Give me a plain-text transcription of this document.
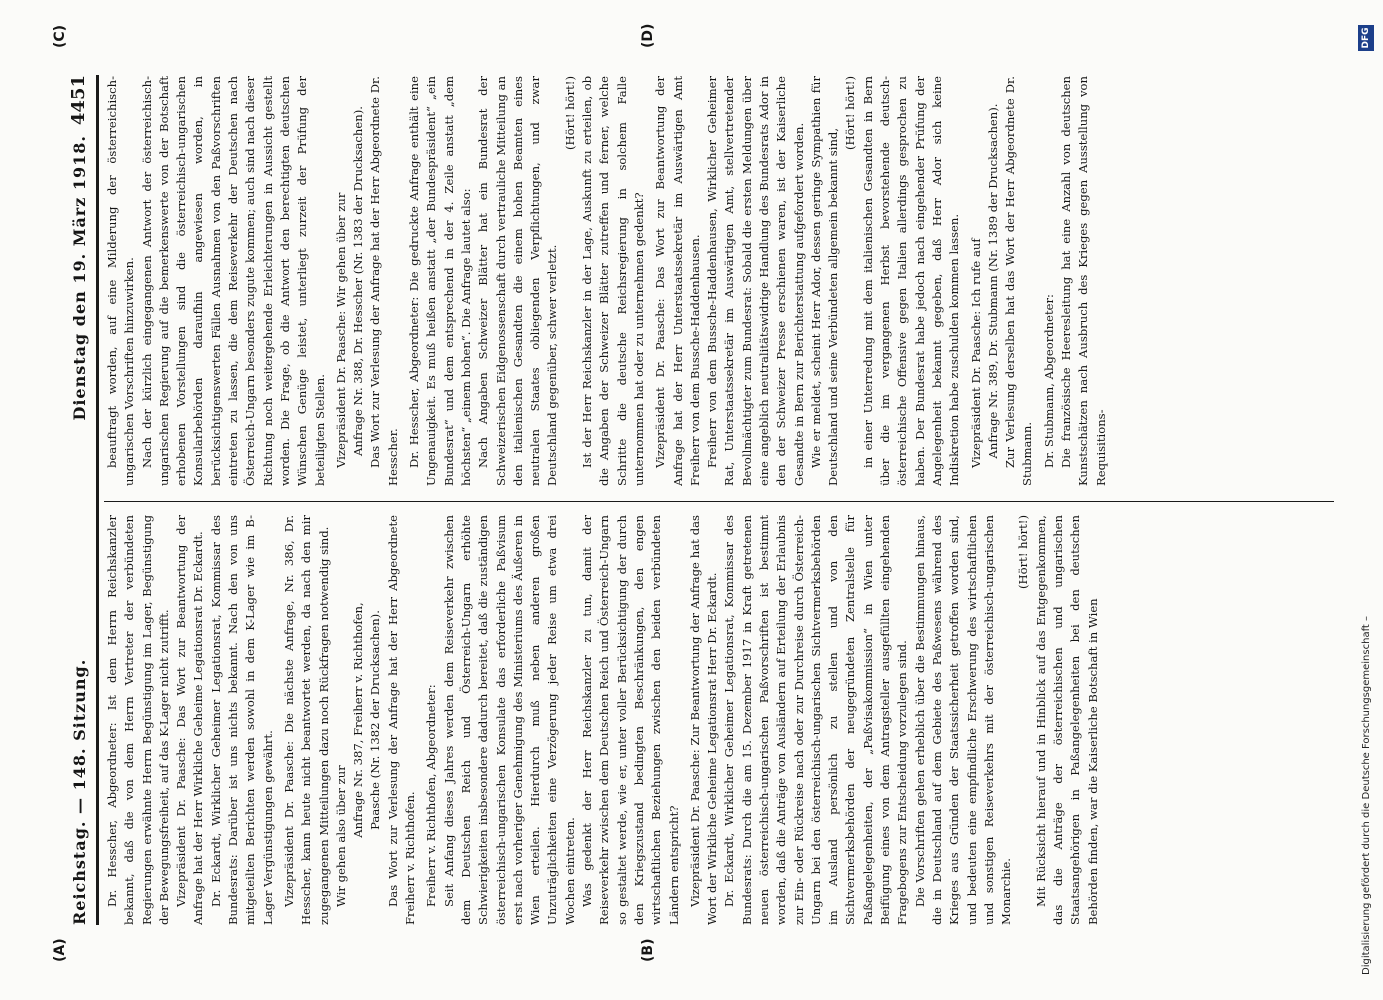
Reichstag. — 148. Sitzung.
Dienstag den 19. März 1918.
4451
(A)	(B)
(C)	(D)

Dr. Hesscher, Abgeordneter: Ist dem Herrn Reichskanzler bekannt, daß die von dem Herrn Vertreter der verbündeten Regierungen erwähnte Herrn Begünstigung im Lager, Begünstigung der Bewegungsfreiheit, auf das K-Lager nicht zutrifft. Vizepräsident Dr. Paasche: Das Wort zur Beantwortung der Anfrage hat der Herr Wirkliche Geheime Legationsrat Dr. Eckardt. Dr. Eckardt, Wirklicher Geheimer Legationsrat, Kommissar des Bundesrats: Darüber ist uns nichts bekannt. Nach den von uns mitgeteilten Berichten werden sowohl in dem K-Lager wie im B-Lager Vergünstigungen gewährt. Vizepräsident Dr. Paasche: Die nächste Anfrage, Nr. 386, Dr. Hesscher, kann heute nicht beantwortet werden, da nach den mir zugegangenen Mitteilungen dazu noch Rückfragen notwendig sind. Wir gehen also über zur Anfrage Nr. 387, Freiherr v. Richthofen, Paasche (Nr. 1382 der Drucksachen). Das Wort zur Verlesung der Anfrage hat der Herr Abgeordnete Freiherr v. Richthofen. Freiherr v. Richthofen, Abgeordneter: Seit Anfang dieses Jahres werden dem Reiseverkehr zwischen dem Deutschen Reich und Österreich-Ungarn erhöhte Schwierigkeiten insbesondere dadurch bereitet, daß die zuständigen österreichisch-ungarischen Konsulate das erforderliche Paßvisum erst nach vorheriger Genehmigung des Ministeriums des Äußeren in Wien erteilen. Hierdurch muß neben anderen großen Unzuträglichkeiten eine Verzögerung jeder Reise um etwa drei Wochen eintreten. Was gedenkt der Herr Reichskanzler zu tun, damit der Reiseverkehr zwischen dem Deutschen Reich und Österreich-Ungarn so gestaltet werde, wie er, unter voller Berücksichtigung der durch den Kriegszustand bedingten Beschränkungen, den engen wirtschaftlichen Beziehungen zwischen den beiden verbündeten Ländern entspricht? Vizepräsident Dr. Paasche: Zur Beantwortung der Anfrage hat das Wort der Wirkliche Geheime Legationsrat Herr Dr. Eckardt. Dr. Eckardt, Wirklicher Geheimer Legationsrat, Kommissar des Bundesrats: Durch die am 15. Dezember 1917 in Kraft getretenen neuen österreichisch-ungarischen Paßvorschriften ist bestimmt worden, daß die Anträge von Ausländern auf Erteilung der Erlaubnis zur Ein- oder Rückreise nach oder zur Durchreise durch Österreich-Ungarn bei den österreichisch-ungarischen Sichtvermerksbehörden im Ausland persönlich zu stellen und von den Sichtvermerksbehörden der neugegründeten Zentralstelle für Paßangelegenheiten, der „Paßvisakommission“ in Wien unter Beifügung eines von dem Antragsteller ausgefüllten eingehenden Fragebogens zur Entscheidung vorzulegen sind. Die Vorschriften gehen erheblich über die Bestimmungen hinaus, die in Deutschland auf dem Gebiete des Paßwesens während des Krieges aus Gründen der Staatssicherheit getroffen worden sind, und bedeuten eine empfindliche Erschwerung des wirtschaftlichen und sonstigen Reiseverkehrs mit der österreichisch-ungarischen Monarchie.

(Hört! hört!) Mit Rücksicht hierauf und in Hinblick auf das Entgegenkommen, das die Anträge der österreichischen und ungarischen Staatsangehörigen in Paßangelegenheiten bei den deutschen Behörden finden, war die Kaiserliche Botschaft in Wien

beauftragt worden, auf eine Milderung der österreichisch-ungarischen Vorschriften hinzuwirken. Nach der kürzlich eingegangenen Antwort der österreichisch-ungarischen Regierung auf die bemerkenswerte von der Botschaft erhobenen Vorstellungen sind die österreichisch-ungarischen Konsularbehörden daraufhin angewiesen worden, in berücksichtigenswerten Fällen Ausnahmen von den Paßvorschriften eintreten zu lassen, die dem Reiseverkehr der Deutschen nach Österreich-Ungarn besonders zugute kommen; auch sind nach dieser Richtung noch weitergehende Erleichterungen in Aussicht gestellt worden. Die Frage, ob die Antwort den berechtigten deutschen Wünschen Genüge leistet, unterliegt zurzeit der Prüfung der beteiligten Stellen. Vizepräsident Dr. Paasche: Wir gehen über zur Anfrage Nr. 388, Dr. Hesscher (Nr. 1383 der Drucksachen). Das Wort zur Verlesung der Anfrage hat der Herr Abgeordnete Dr. Hesscher. Dr. Hesscher, Abgeordneter: Die gedruckte Anfrage enthält eine Ungenauigkeit. Es muß heißen anstatt „der Bundespräsident“ „ein Bundesrat“ und dem entsprechend in der 4. Zeile anstatt „dem höchsten“ „einem hohen“. Die Anfrage lautet also: Nach Angaben Schweizer Blätter hat ein Bundesrat der Schweizerischen Eidgenossenschaft durch vertrauliche Mitteilung an den italienischen Gesandten die einem hohen Beamten eines neutralen Staates obliegenden Verpflichtungen, und zwar Deutschland gegenüber, schwer verletzt.

(Hört! hört!) Ist der Herr Reichskanzler in der Lage, Auskunft zu erteilen, ob die Angaben der Schweizer Blätter zutreffen und ferner, welche Schritte die deutsche Reichsregierung in solchem Falle unternommen hat oder zu unternehmen gedenkt? Vizepräsident Dr. Paasche: Das Wort zur Beantwortung der Anfrage hat der Herr Unterstaatssekretär im Auswärtigen Amt Freiherr von dem Bussche-Haddenhausen. Freiherr von dem Bussche-Haddenhausen, Wirklicher Geheimer Rat, Unterstaatssekretär im Auswärtigen Amt, stellvertretender Bevollmächtigter zum Bundesrat: Sobald die ersten Meldungen über eine angeblich neutralitätswidrige Handlung des Bundesrats Ador in den der Schweizer Presse erschienen waren, ist der Kaiserliche Gesandte in Bern zur Berichterstattung aufgefordert worden. Wie er meldet, scheint Herr Ador, dessen geringe Sympathien für Deutschland und seine Verbündeten allgemein bekannt sind,

(Hört! hört!) in einer Unterredung mit dem italienischen Gesandten in Bern über die im vergangenen Herbst bevorstehende deutsch-österreichische Offensive gegen Italien allerdings gesprochen zu haben. Der Bundesrat habe jedoch nach eingehender Prüfung der Angelegenheit bekannt gegeben, daß Herr Ador sich keine Indiskretion habe zuschulden kommen lassen. Vizepräsident Dr. Paasche: Ich rufe auf Anfrage Nr. 389, Dr. Stubmann (Nr. 1389 der Drucksachen). Zur Verlesung derselben hat das Wort der Herr Abgeordnete Dr. Stubmann. Dr. Stubmann, Abgeordneter: Die französische Heeresleitung hat eine Anzahl von deutschen Kunstschätzen nach Ausbruch des Krieges gegen Ausstellung von Requisitions-

Digitalisierung gefördert durch die Deutsche Forschungsgemeinschaft –
DFG
